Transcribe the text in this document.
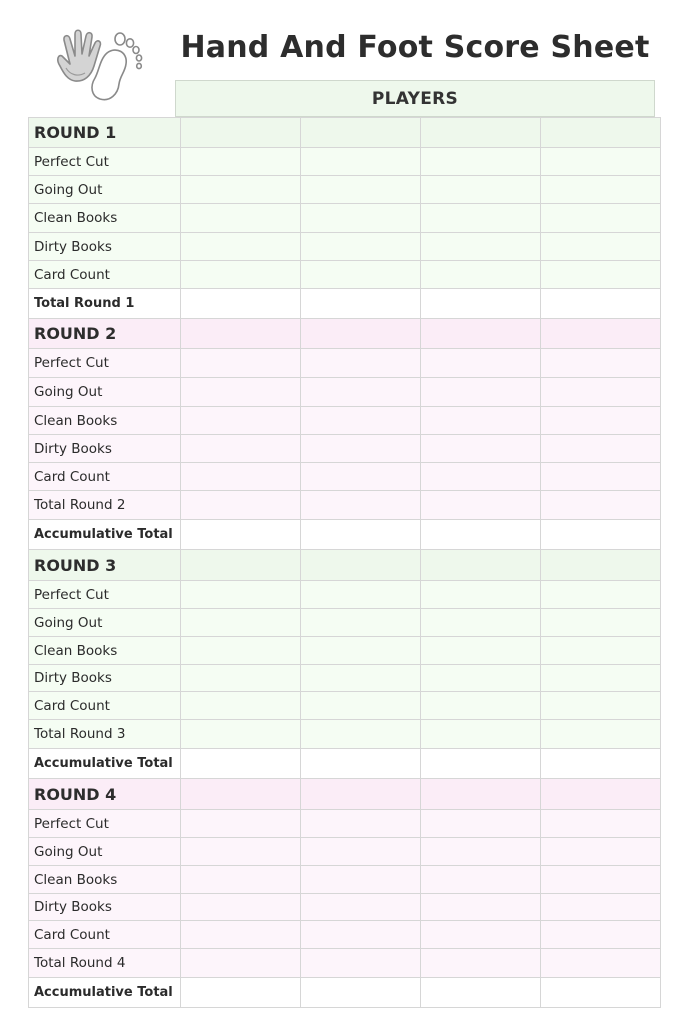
Hand And Foot Score Sheet
PLAYERS
ROUND 1				
Perfect Cut				
Going Out				
Clean Books				
Dirty Books				
Card Count				
Total Round 1				
ROUND 2				
Perfect Cut				
Going Out				
Clean Books				
Dirty Books				
Card Count				
Total Round 2				
Accumulative Total				
ROUND 3				
Perfect Cut				
Going Out				
Clean Books				
Dirty Books				
Card Count				
Total Round 3				
Accumulative Total				
ROUND 4				
Perfect Cut				
Going Out				
Clean Books				
Dirty Books				
Card Count				
Total Round 4				
Accumulative Total				
